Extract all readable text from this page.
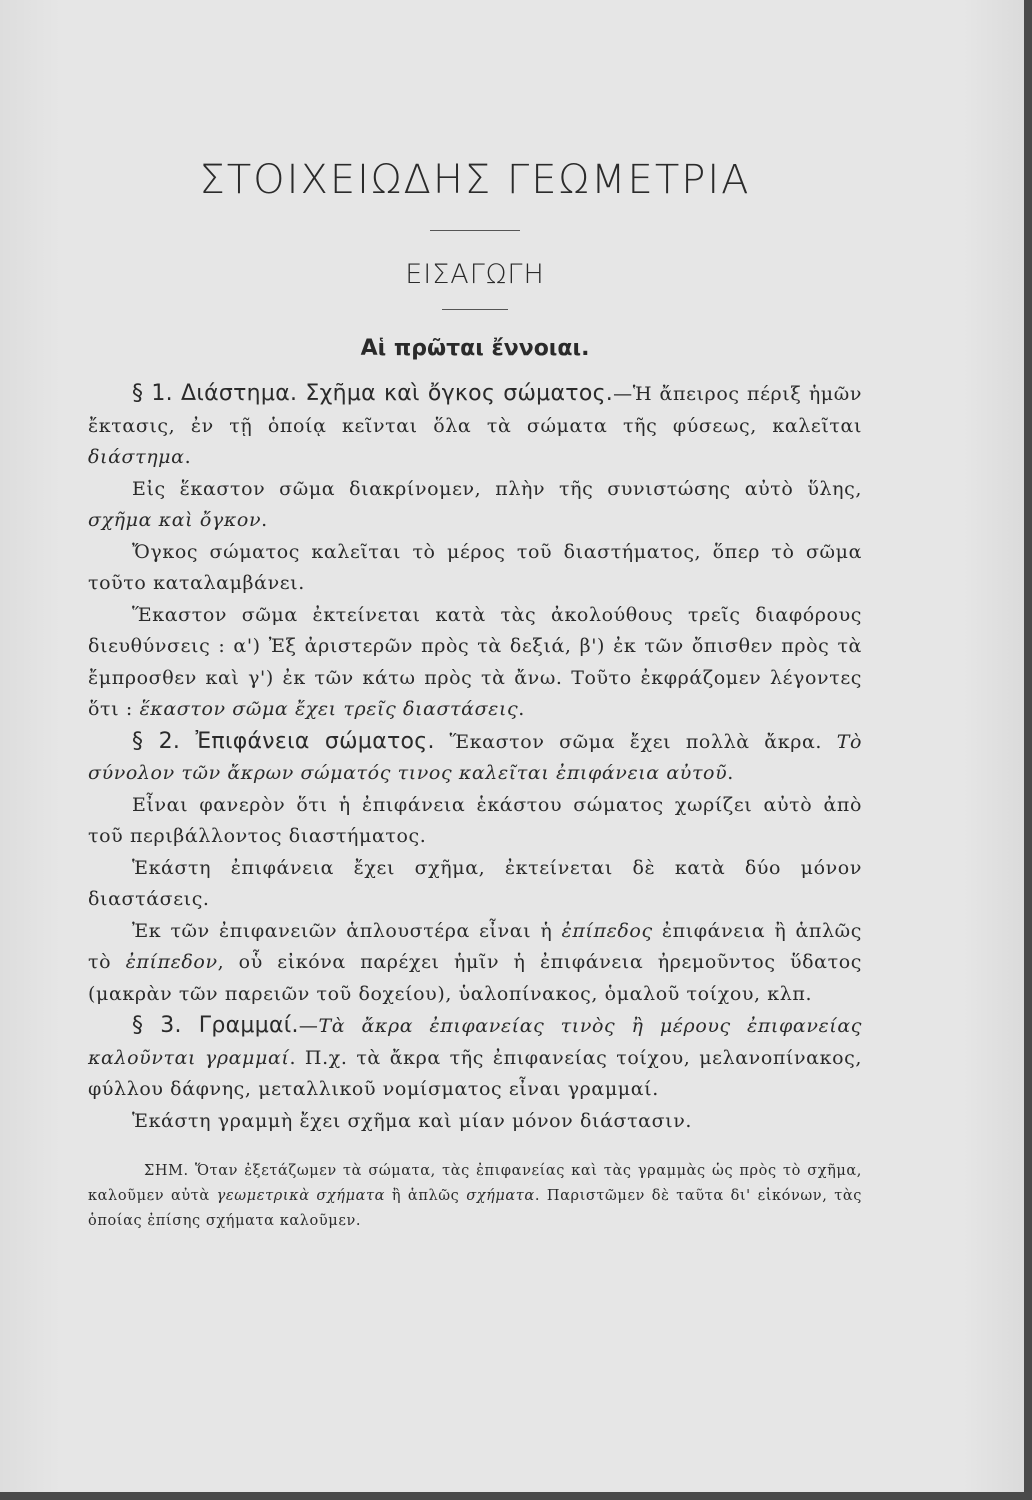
ΣΤΟΙΧΕΙΩΔΗΣ ΓΕΩΜΕΤΡΙΑ
ΕΙΣΑΓΩΓΗ
Αἱ πρῶται ἔννοιαι.

§ 1. Διάστημα. Σχῆμα καὶ ὄγκος σώματος.—Ἡ ἄπειρος πέριξ ἡμῶν ἔκτασις, ἐν τῇ ὁποίᾳ κεῖνται ὅλα τὰ σώματα τῆς φύσεως, καλεῖται διάστημα.

Εἰς ἕκαστον σῶμα διακρίνομεν, πλὴν τῆς συνιστώσης αὐτὸ ὕλης, σχῆμα καὶ ὄγκον.

Ὄγκος σώματος καλεῖται τὸ μέρος τοῦ διαστήματος, ὅπερ τὸ σῶμα τοῦτο καταλαμβάνει.

Ἕκαστον σῶμα ἐκτείνεται κατὰ τὰς ἀκολούθους τρεῖς διαφόρους διευθύνσεις : α') Ἐξ ἀριστερῶν πρὸς τὰ δεξιά, β') ἐκ τῶν ὄπισθεν πρὸς τὰ ἔμπροσθεν καὶ γ') ἐκ τῶν κάτω πρὸς τὰ ἄνω. Τοῦτο ἐκφράζομεν λέγοντες ὅτι : ἕκαστον σῶμα ἔχει τρεῖς διαστάσεις.

§ 2. Ἐπιφάνεια σώματος. Ἕκαστον σῶμα ἔχει πολλὰ ἄκρα. Τὸ σύνολον τῶν ἄκρων σώματός τινος καλεῖται ἐπιφάνεια αὐτοῦ.

Εἶναι φανερὸν ὅτι ἡ ἐπιφάνεια ἑκάστου σώματος χωρίζει αὐτὸ ἀπὸ τοῦ περιβάλλοντος διαστήματος.

Ἑκάστη ἐπιφάνεια ἔχει σχῆμα, ἐκτείνεται δὲ κατὰ δύο μόνον διαστάσεις.

Ἐκ τῶν ἐπιφανειῶν ἁπλουστέρα εἶναι ἡ ἐπίπεδος ἐπιφάνεια ἢ ἁπλῶς τὸ ἐπίπεδον, οὗ εἰκόνα παρέχει ἡμῖν ἡ ἐπιφάνεια ἠρεμοῦντος ὕδατος (μακρὰν τῶν παρειῶν τοῦ δοχείου), ὑαλοπίνακος, ὁμαλοῦ τοίχου, κλπ.

§ 3. Γραμμαί.—Τὰ ἄκρα ἐπιφανείας τινὸς ἢ μέρους ἐπιφανείας καλοῦνται γραμμαί. Π.χ. τὰ ἄκρα τῆς ἐπιφανείας τοίχου, μελανοπίνακος, φύλλου δάφνης, μεταλλικοῦ νομίσματος εἶναι γραμμαί.

Ἑκάστη γραμμὴ ἔχει σχῆμα καὶ μίαν μόνον διάστασιν.

ΣΗΜ. Ὅταν ἐξετάζωμεν τὰ σώματα, τὰς ἐπιφανείας καὶ τὰς γραμμὰς ὡς πρὸς τὸ σχῆμα, καλοῦμεν αὐτὰ γεωμετρικὰ σχήματα ἢ ἁπλῶς σχήματα. Παριστῶμεν δὲ ταῦτα δι' εἰκόνων, τὰς ὁποίας ἐπίσης σχήματα καλοῦμεν.
